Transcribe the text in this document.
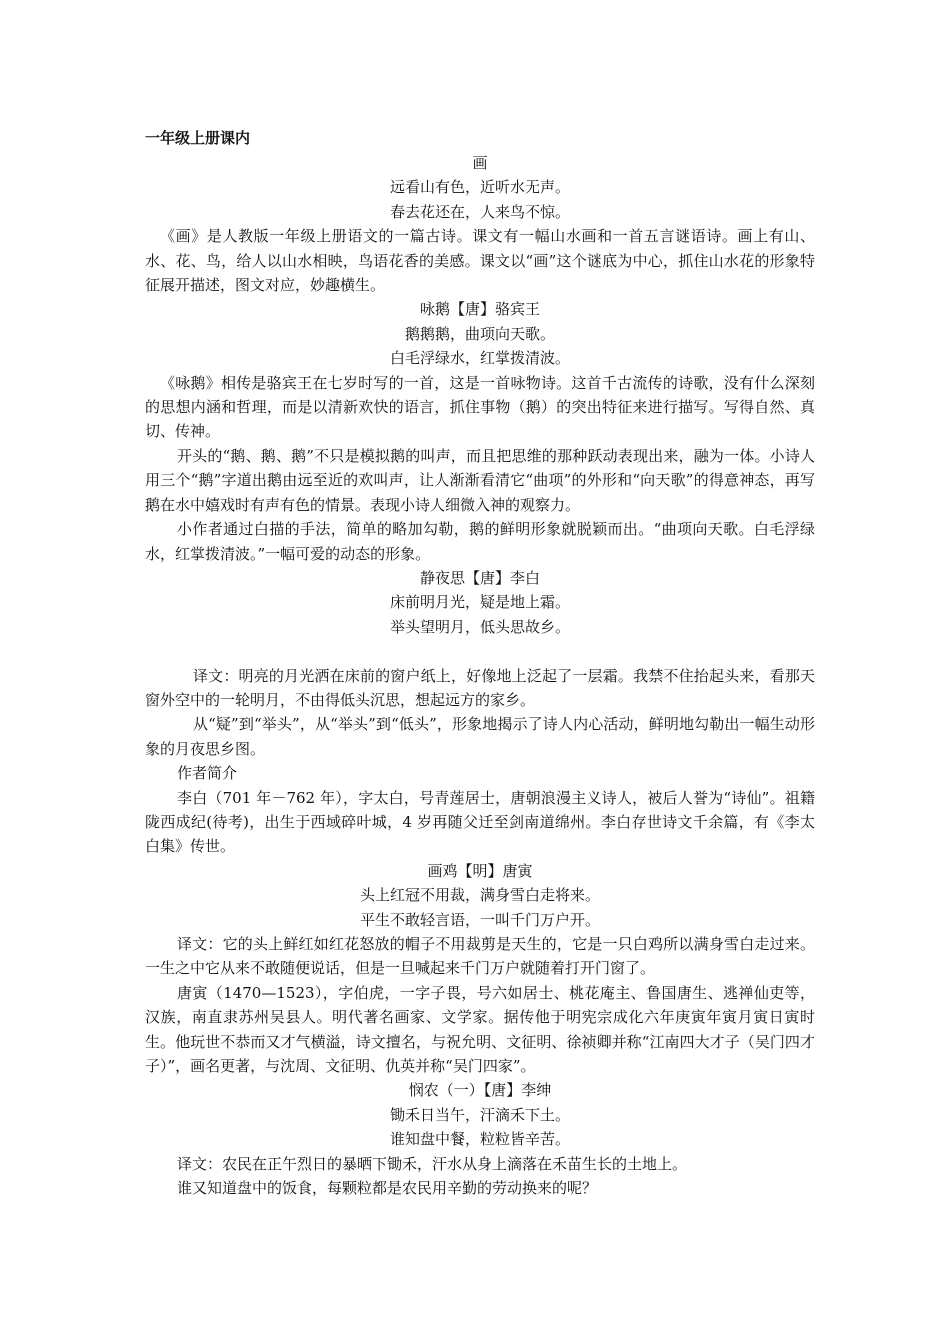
一年级上册课内

画

远看山有色，近听水无声。

春去花还在，人来鸟不惊。

《画》是人教版一年级上册语文的一篇古诗。课文有一幅山水画和一首五言谜语诗。画上有山、水、花、鸟，给人以山水相映，鸟语花香的美感。课文以“画”这个谜底为中心，抓住山水花的形象特征展开描述，图文对应，妙趣横生。

咏鹅【唐】骆宾王

鹅鹅鹅，曲项向天歌。

白毛浮绿水，红掌拨清波。

《咏鹅》相传是骆宾王在七岁时写的一首，这是一首咏物诗。这首千古流传的诗歌，没有什么深刻的思想内涵和哲理，而是以清新欢快的语言，抓住事物（鹅）的突出特征来进行描写。写得自然、真切、传神。

开头的“鹅、鹅、鹅”不只是模拟鹅的叫声，而且把思维的那种跃动表现出来，融为一体。小诗人用三个“鹅”字道出鹅由远至近的欢叫声，让人渐渐看清它“曲项”的外形和“向天歌”的得意神态，再写鹅在水中嬉戏时有声有色的情景。表现小诗人细微入神的观察力。

小作者通过白描的手法，简单的略加勾勒，鹅的鲜明形象就脱颖而出。“曲项向天歌。白毛浮绿水，红掌拨清波。”一幅可爱的动态的形象。

静夜思【唐】李白

床前明月光，疑是地上霜。

举头望明月，低头思故乡。

译文：明亮的月光洒在床前的窗户纸上，好像地上泛起了一层霜。我禁不住抬起头来，看那天窗外空中的一轮明月，不由得低头沉思，想起远方的家乡。

从“疑”到“举头”，从“举头”到“低头”，形象地揭示了诗人内心活动，鲜明地勾勒出一幅生动形象的月夜思乡图。

作者简介

李白（701 年－762 年），字太白，号青莲居士，唐朝浪漫主义诗人，被后人誉为“诗仙”。祖籍陇西成纪(待考)，出生于西域碎叶城，4 岁再随父迁至剑南道绵州。李白存世诗文千余篇，有《李太白集》传世。

画鸡【明】唐寅

头上红冠不用裁，满身雪白走将来。

平生不敢轻言语，一叫千门万户开。

译文：它的头上鲜红如红花怒放的帽子不用裁剪是天生的，它是一只白鸡所以满身雪白走过来。一生之中它从来不敢随便说话，但是一旦喊起来千门万户就随着打开门窗了。

唐寅（1470—1523），字伯虎，一字子畏，号六如居士、桃花庵主、鲁国唐生、逃禅仙吏等，汉族，南直隶苏州吴县人。明代著名画家、文学家。据传他于明宪宗成化六年庚寅年寅月寅日寅时生。他玩世不恭而又才气横溢，诗文擅名，与祝允明、文征明、徐祯卿并称“江南四大才子（吴门四才子）”，画名更著，与沈周、文征明、仇英并称“吴门四家”。

悯农（一）【唐】李绅

锄禾日当午，汗滴禾下土。

谁知盘中餐，粒粒皆辛苦。

译文：农民在正午烈日的暴晒下锄禾，汗水从身上滴落在禾苗生长的土地上。

谁又知道盘中的饭食，每颗粒都是农民用辛勤的劳动换来的呢？
